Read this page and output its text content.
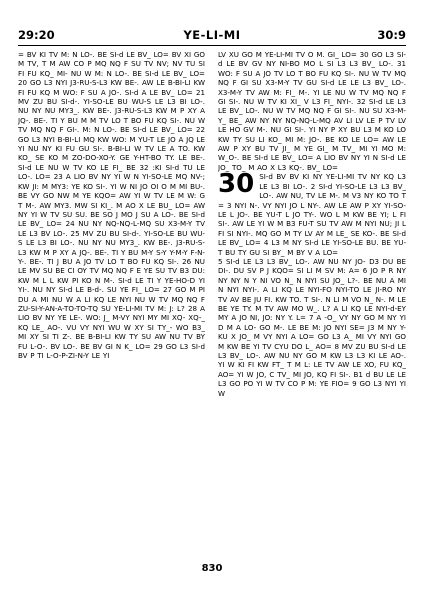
29:20	YE-LI-MI	30:9

= BV KI TV M: N LO-. BE SI-d LE BV_ LO= BV XI GO M TV, T M AW CO P MQ NQ F SU TV NV; NV TU SI FI FU KQ_ MI- NU W M: N LO-. BE SI-d LE BV_ LO= 20 GO L3 NYI J3-RU-S-L3 KW BE-. AW LE B-BI-LI KW FI FU KQ M WO: F SU A JO-. SI-d A LE BV_ LO= 21 MV ZU BU SI-d-. YI-SO-LE BU WU-S LE L3 BI LO-. NU NY NU MY3_. KW BE-. J3-RU-S-L3 KW M P XY A JQ-. BE-. TI Y BU M M TV LO T BO FU KQ SI-. NU W TV MQ NQ F GI-. M: N LO-. BE SI-d LE BV_ LO= 22 GO L3 NYI B-BI-LI MQ KW WO: M YU-T LE JO A JQ LE YI NU NY KI FU GU SI-. B-BI-LI W TV LE A TO. KW KO_ SE KO M ZO-DO-XO-Y. GE Y-HT-BO TY. LE BE-. SI-d LE NU W TV KO LE FI_ BE 32 :KI SI-d TU LE LO-. LO= 23 A LIO BV NY YI W N YI-SO-LE MQ NV-; KW JI: M MY3: YE KO SI-. YI W NI JO OI O M MI BU-. BE VY GO NW M YE KQO= AW YI W TV LE M W: G T M-. AW MY3. MW SI KI_. M AO X LE BU_ LO= AW NY YI W TV SU SU. BE SO J MO J SU A LO-. BE SI-d LE BV_ LO= 24 NU NY NQ-NQ-L-MQ SU X3-M-Y TV LE L3 BV LO-. 25 MV ZU BU SI-d-. YI-SO-LE BU WU-S LE L3 BI LO-. NU NY NU MY3_. KW BE-. J3-RU-S-L3 KW M P XY A JQ-. BE-. TI Y BU M-Y S-Y Y-M-Y F-N-Y-. BE-. TI J BU A JO TV LO T BO FU KQ SI-. 26 NU LE MV SU BE CI OY TV MQ NQ F E YE SU TV B3 DU: KW M L L KW PI KO N M-. SI-d LE TI Y YE-HO-D YI YI-. NU NY SI-d LE B-d-. SU YE FI_ LO= 27 GO M PI DU A MI NU W A LI KQ LE NYI NU W TV MQ NQ F ZU-SI-Y-AN-A-TO-TO-TQ SU YE-LI-MI TV M: J: L? 28 A LIO BV NY YE LE-. WO: J_ M-VY NYI MY MI XQ- XQ-_ KQ LE_ AO-. VU VY NYI WU W XY SI TY_- WO B3_ MI XY SI TI Z-. BE B-BI-LI KW TY SU AW NU TV BY FU L-O-. BV LO-. BE BV GI N K_ LO= 29 GO L3 SI-d BV P TI L-O-P-ZI-N-Y LE YI

LV XU GO M YE-LI-MI TV O M. GI_ LO= 30 GO L3 SI-d LE BV GV NY NI-BO MO L SI L3 L3 BV_ LO-. 31 WO: F SU A JO TV LO T BO FU KQ SI-. NU W TV MQ NQ F GI SU X3-M-Y TV GU SI-d LE LE L3 BV_ LO-. X3-M-Y TV AW M: FI_ M-. YI LE NU W TV MQ NQ F GI SI-. NU W TV KI XI_ V L3 FI_ NYI-. 32 SI-d LE L3 LE BV_ LO-. NU W TV MQ NQ F GI SI-. NU SU X3-M-Y_ BE_ AW NY NY NQ-NQ-L-MQ AV LI LV LE P TV LV LE HO GV M-. NU GI SI-. YI NY P XY BU L3 M KO LO KW TY SU LI KO_ MI M: JO-. BE KO LE LO= AW LE AW P XY BU TV JI_ M YE GI_ M TV_ MI YI MO M: W_O-. BE SI-d LE BV_ LO= A LIO BV NY YI N SI-d LE JO_ TO_ M AO X L3 KQ-. BV_ LO=

30 SI-d BV BV KI NY YE-LI-MI TV NY KQ L3 LE L3 BI LO-. 2 SI-d YI-SO-LE L3 L3 BV_ LO-. AW NU, TV LE M-. M V3 NY KO TO T = 3 NYI N-. VY NYI JO L NY-. AW LE AW P XY YI-SO-LE L JO-. BE YU-T L JO TY-. WO L M KW BE YI; L FI SI-. AW LE YI W M B3 FU-T SU TV AW M NYI NU; JI L FI SI NYI-. MQ GO M TY LV AY M LE_ SE KO-. BE SI-d LE BV_ LO= 4 L3 M NY SI-d LE YI-SO-LE BU. BE YU-T BU TY GU SI BY_ M BY V A LO=

5 SI-d LE L3 L3 BV_ LO-. AW NU NY JO- D3 DU BE DI-. DU SV P J KQO= SI LI M SV M: A= 6 JO P R NY NY NY N Y NI VO N_ N NYI SU JO_ L?-. BE NU A MI N NYI NYI-. A LI KQ LE NYI-FO NYI-TO LE JI-RO NY TV AV BE JU FI. KW TO. T SI-. N LI M VO N_ N-. M LE BE YE TY. M TV AW MO W_. L? A LI KQ LE NYI-d-EY MY A JO NI, JO: NY Y. L= 7 A -O_ VY NY GO M NY YI D M A LO- GO M-. LE BE M: JO NYI SE= J3 M NY Y-KU X JO_ M VY NYI A LO= GO L3 A_ MI VY NYI GO M KW BE YI TV CYU DO L_ AO= 8 MV ZU BU SI-d LE L3 BV_ LO-. AW NU NY GO M KW L3 L3 KI LE AO-. YI W KI FI KW FT_ T M L: LE TV AW LE XO, FU KQ_ AO= YI W JO, C TV_ MI JO, KQ FI SI-. B1 d BU LE LE L3 GO PO YI W TV CO P M: YE FIO= 9 GO L3 NYI YI W

830
